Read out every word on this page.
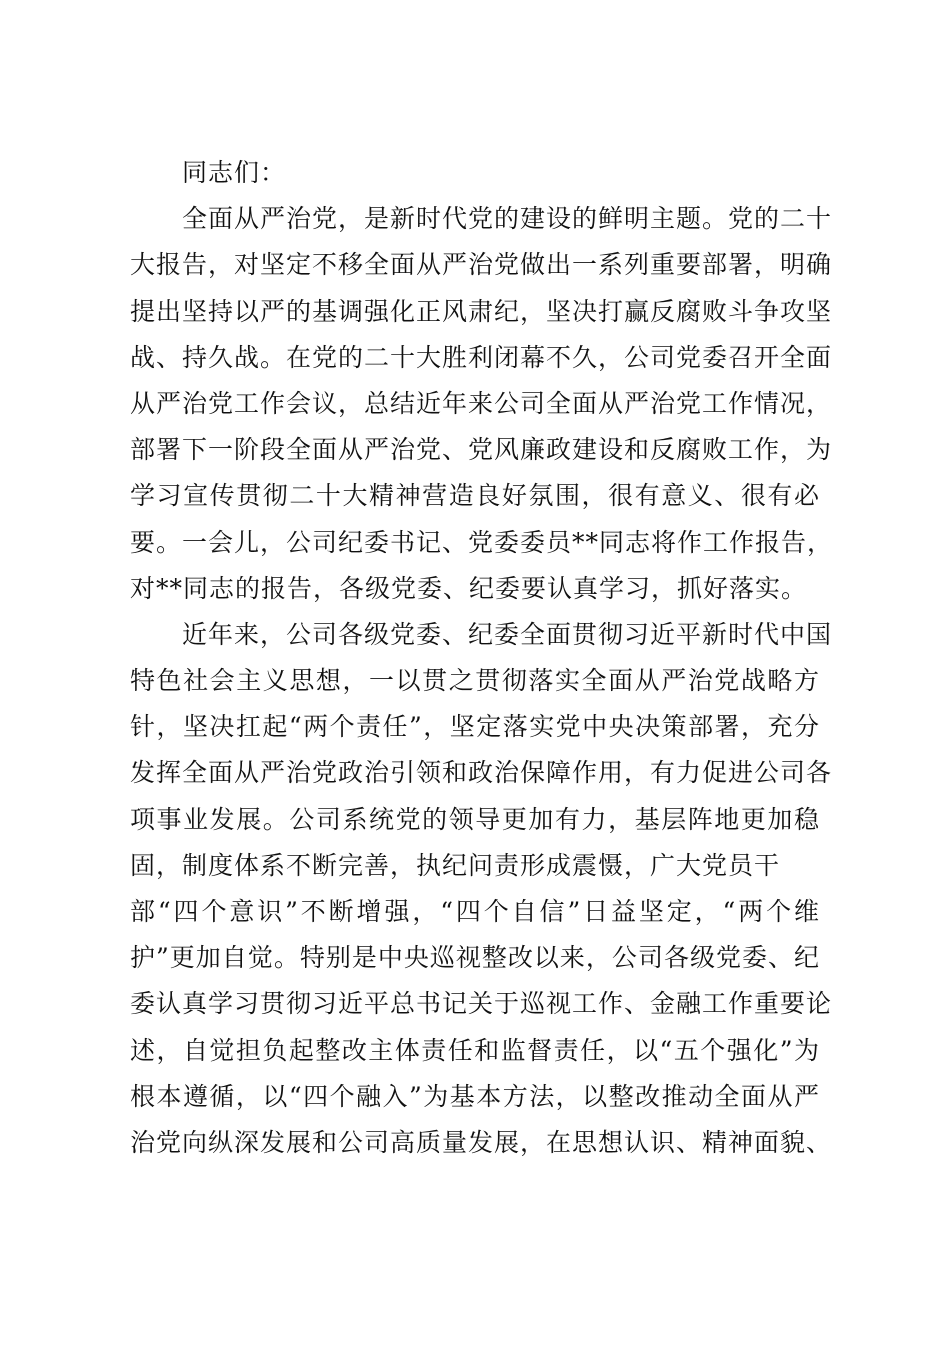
同志们：
全面从严治党，是新时代党的建设的鲜明主题。党的二十
大报告，对坚定不移全面从严治党做出一系列重要部署，明确
提出坚持以严的基调强化正风肃纪，坚决打赢反腐败斗争攻坚
战、持久战。在党的二十大胜利闭幕不久，公司党委召开全面
从严治党工作会议，总结近年来公司全面从严治党工作情况，
部署下一阶段全面从严治党、党风廉政建设和反腐败工作，为
学习宣传贯彻二十大精神营造良好氛围，很有意义、很有必
要。一会儿，公司纪委书记、党委委员**同志将作工作报告，
对**同志的报告，各级党委、纪委要认真学习，抓好落实。
近年来，公司各级党委、纪委全面贯彻习近平新时代中国
特色社会主义思想，一以贯之贯彻落实全面从严治党战略方
针，坚决扛起“两个责任”，坚定落实党中央决策部署，充分
发挥全面从严治党政治引领和政治保障作用，有力促进公司各
项事业发展。公司系统党的领导更加有力，基层阵地更加稳
固，制度体系不断完善，执纪问责形成震慑，广大党员干
部“四个意识”不断增强，“四个自信”日益坚定，“两个维
护”更加自觉。特别是中央巡视整改以来，公司各级党委、纪
委认真学习贯彻习近平总书记关于巡视工作、金融工作重要论
述，自觉担负起整改主体责任和监督责任，以“五个强化”为
根本遵循，以“四个融入”为基本方法，以整改推动全面从严
治党向纵深发展和公司高质量发展，在思想认识、精神面貌、
